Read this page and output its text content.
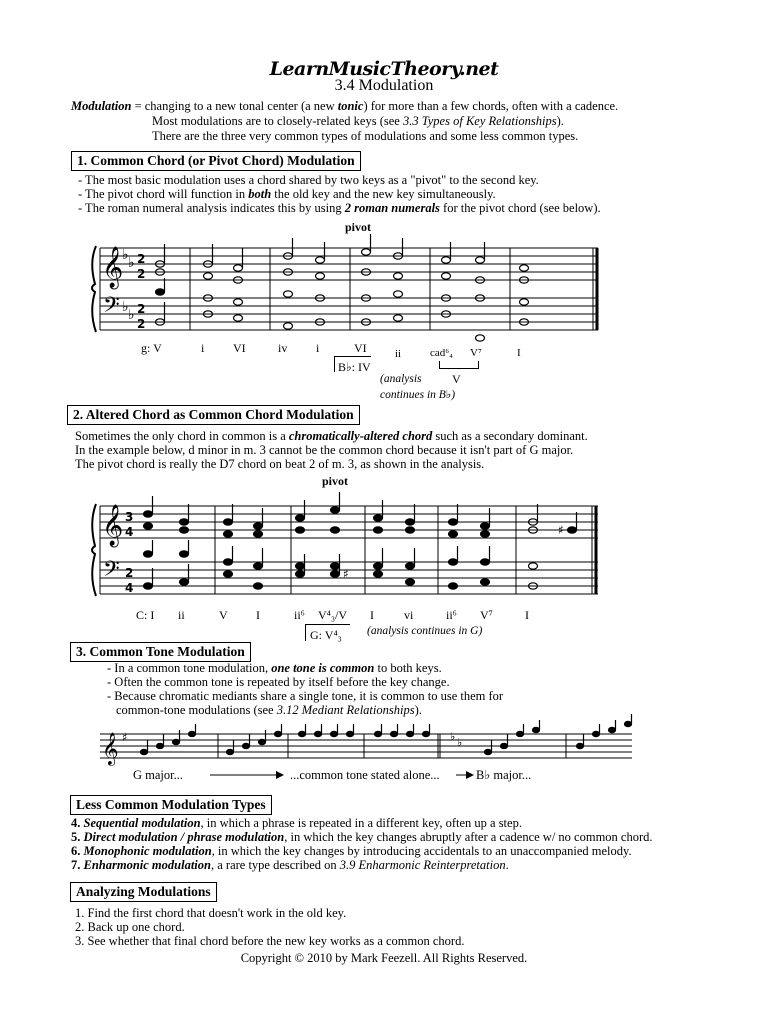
LearnMusicTheory.net
3.4 Modulation
Modulation = changing to a new tonal center (a new tonic) for more than a few chords, often with a cadence.
Most modulations are to closely-related keys (see 3.3 Types of Key Relationships).
There are the three very common types of modulations and some less common types.
1. Common Chord (or Pivot Chord) Modulation
- The most basic modulation uses a chord shared by two keys as a "pivot" to the second key.
- The pivot chord will function in both the old key and the new key simultaneously.
- The roman numeral analysis indicates this by using 2 roman numerals for the pivot chord (see below).
pivot
𝄞
𝄢
♭ ♭
♭ ♭
2
2
2
2
g: V	i VI	iv i	VI
B♭: IV
ii	cad⁶₄ V⁷	I
V
(analysis
continues in B♭)
2. Altered Chord as Common Chord Modulation
Sometimes the only chord in common is a chromatically-altered chord such as a secondary dominant.
In the example below, d minor in m. 3 cannot be the common chord because it isn't part of G major.
The pivot chord is really the D7 chord on beat 2 of m. 3, as shown in the analysis.
pivot
𝄞
𝄢
3
4
2
4
♯
♯
C: I ii	V I	ii⁶ V⁴₃/V I	vi	ii⁶ V⁷	I
G: V⁴₃ (analysis continues in G)
3. Common Tone Modulation
- In a common tone modulation, one tone is common to both keys.
- Often the common tone is repeated by itself before the key change.
- Because chromatic mediants share a single tone, it is common to use them for
common-tone modulations (see 3.12 Mediant Relationships).
𝄞 ♯	♭ ♭
G major...	...common tone stated alone...	B♭ major...
Less Common Modulation Types
4. Sequential modulation, in which a phrase is repeated in a different key, often up a step.
5. Direct modulation / phrase modulation, in which the key changes abruptly after a cadence w/ no common chord.
6. Monophonic modulation, in which the key changes by introducing accidentals to an unaccompanied melody.
7. Enharmonic modulation, a rare type described on 3.9 Enharmonic Reinterpretation.
Analyzing Modulations
1. Find the first chord that doesn't work in the old key.
2. Back up one chord.
3. See whether that final chord before the new key works as a common chord.
Copyright © 2010 by Mark Feezell. All Rights Reserved.
